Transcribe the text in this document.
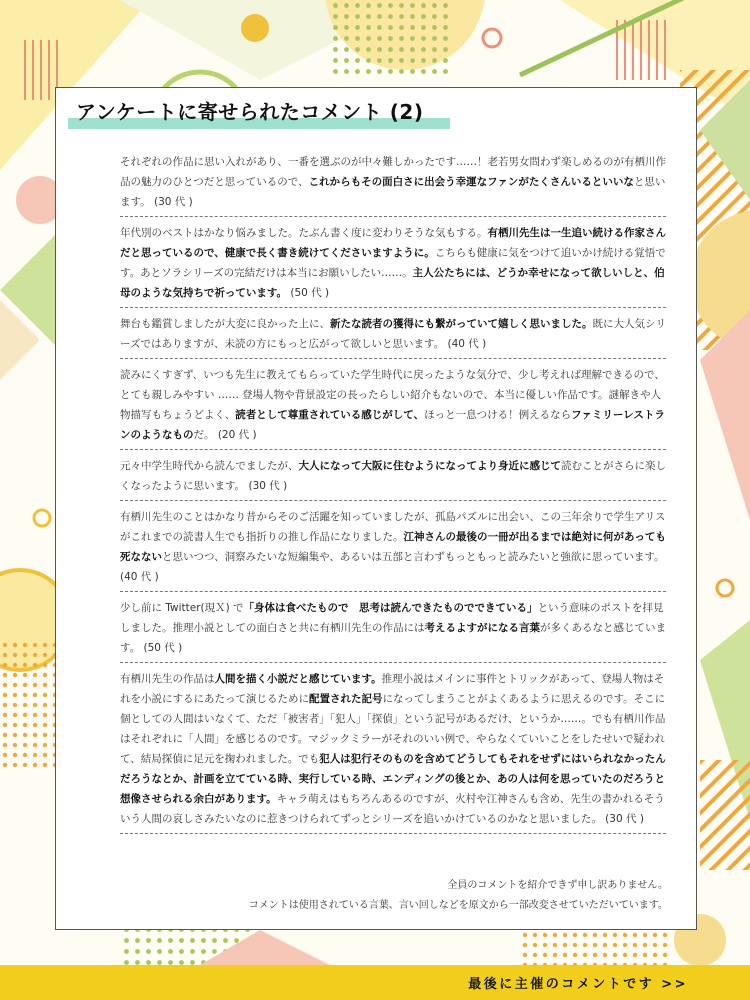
アンケートに寄せられたコメント (2)

それぞれの作品に思い入れがあり、一番を選ぶのが中々難しかったです……！老若男女問わず楽しめるのが有栖川作品の魅力のひとつだと思っているので、これからもその面白さに出会う幸運なファンがたくさんいるといいなと思います。 (30 代 )

年代別のベストはかなり悩みました。たぶん書く度に変わりそうな気もする。有栖川先生は一生追い続ける作家さんだと思っているので、健康で長く書き続けてくださいますように。こちらも健康に気をつけて追いかけ続ける覚悟です。あとソラシリーズの完結だけは本当にお願いしたい……。主人公たちには、どうか幸せになって欲しいしと、伯母のような気持ちで祈っています。 (50 代 )

舞台も鑑賞しましたが大変に良かった上に、新たな読者の獲得にも繋がっていて嬉しく思いました。既に大人気シリーズではありますが、未読の方にもっと広がって欲しいと思います。 (40 代 )

読みにくすぎず、いつも先生に教えてもらっていた学生時代に戻ったような気分で、少し考えれば理解できるので、とても親しみやすい …… 登場人物や背景設定の長ったらしい紹介もないので、本当に優しい作品です。謎解きや人物描写もちょうどよく、読者として尊重されている感じがして、ほっと一息つける！例えるならファミリーレストランのようなものだ。 (20 代 )

元々中学生時代から読んでましたが、大人になって大阪に住むようになってより身近に感じて読むことがさらに楽しくなったように思います。 (30 代 )

有栖川先生のことはかなり昔からそのご活躍を知っていましたが、孤島パズルに出会い、この三年余りで学生アリスがこれまでの読書人生でも指折りの推し作品になりました。江神さんの最後の一冊が出るまでは絶対に何があっても死なないと思いつつ、洞察みたいな短編集や、あるいは五部と言わずもっともっと読みたいと強欲に思っています。 (40 代 )

少し前に Twitter(現Ｘ) で「身体は食べたもので　思考は読んできたものでできている」という意味のポストを拝見しました。推理小説としての面白さと共に有栖川先生の作品には考えるよすがになる言葉が多くあるなと感じています。 (50 代 )

有栖川先生の作品は人間を描く小説だと感じています。推理小説はメインに事件とトリックがあって、登場人物はそれを小説にするにあたって演じるために配置された記号になってしまうことがよくあるように思えるのです。そこに個としての人間はいなくて、ただ「被害者」「犯人」「探偵」という記号があるだけ、というか……。でも有栖川作品はそれぞれに「人間」を感じるのです。マジックミラーがそれのいい例で、やらなくていいことをしたせいで疑われて、結局探偵に足元を掬われました。でも犯人は犯行そのものを含めてどうしてもそれをせずにはいられなかったんだろうなとか、計画を立てている時、実行している時、エンディングの後とか、あの人は何を思っていたのだろうと想像させられる余白があります。キャラ萌えはもちろんあるのですが、火村や江神さんも含め、先生の書かれるそういう人間の哀しさみたいなのに惹きつけられてずっとシリーズを追いかけているのかなと思いました。 (30 代 )

全員のコメントを紹介できず申し訳ありません。
コメントは使用されている言葉、言い回しなどを原文から一部改変させていただいています。
最後に主催のコメントです >>
